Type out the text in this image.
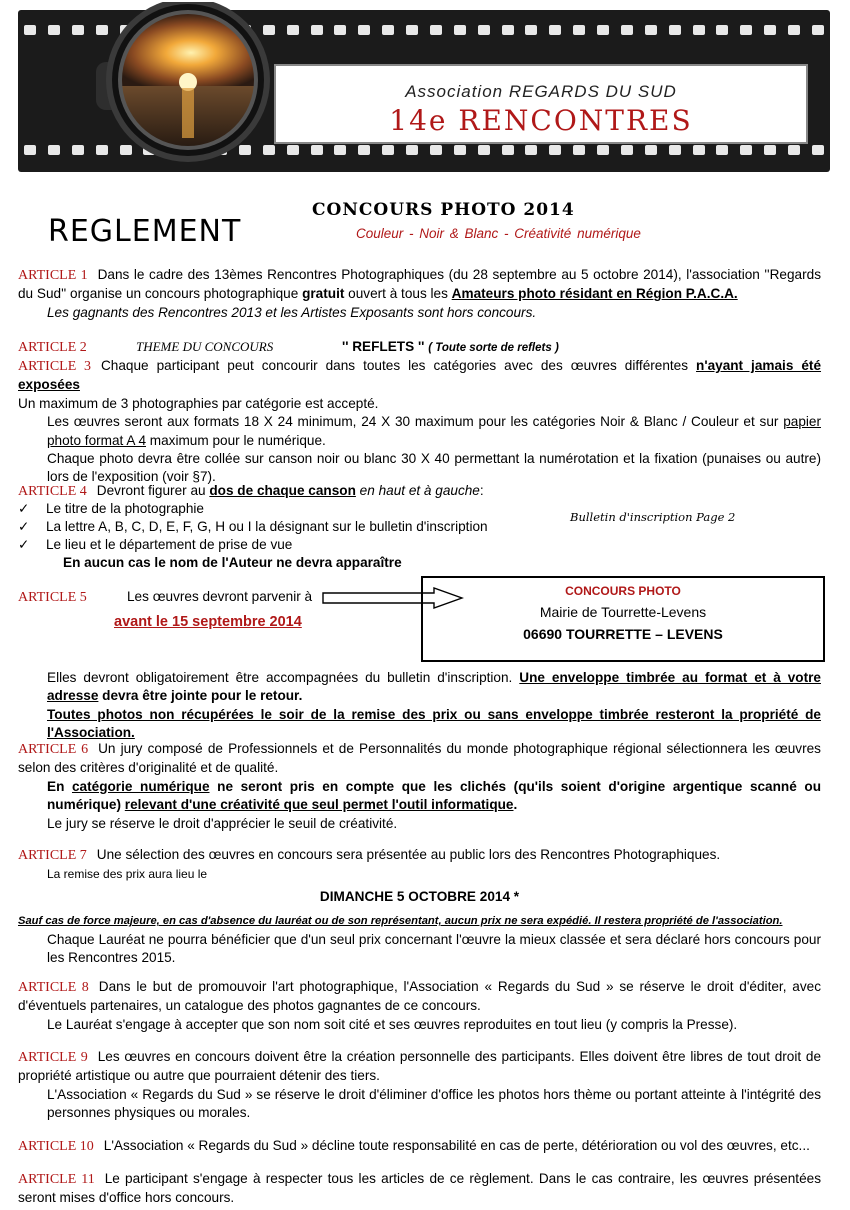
Association REGARDS DU SUD
14e RENCONTRES
REGLEMENT
CONCOURS PHOTO 2014
Couleur - Noir & Blanc - Créativité numérique
ARTICLE 1 Dans le cadre des 13èmes Rencontres Photographiques (du 28 septembre au 5 octobre 2014), l'association ''Regards du Sud'' organise un concours photographique gratuit ouvert à tous les Amateurs photo résidant en Région P.A.C.A.
Les gagnants des Rencontres 2013 et les Artistes Exposants sont hors concours.
ARTICLE 2	THEME DU CONCOURS	'' REFLETS '' ( Toute sorte de reflets )
ARTICLE 3 Chaque participant peut concourir dans toutes les catégories avec des œuvres différentes n'ayant jamais été exposées
Un maximum de 3 photographies par catégorie est accepté.
Les œuvres seront aux formats 18 X 24 minimum, 24 X 30 maximum pour les catégories Noir & Blanc / Couleur et sur papier photo format A 4 maximum pour le numérique.
Chaque photo devra être collée sur canson noir ou blanc 30 X 40 permettant la numérotation et la fixation (punaises ou autre) lors de l'exposition (voir §7).
ARTICLE 4 Devront figurer au dos de chaque canson en haut et à gauche:
✓ Le titre de la photographie
✓ La lettre A, B, C, D, E, F, G, H ou I la désignant sur le bulletin d'inscription
✓ Le lieu et le département de prise de vue
En aucun cas le nom de l'Auteur ne devra apparaître
Bulletin d'inscription Page 2
ARTICLE 5	Les œuvres devront parvenir à
avant le 15 septembre 2014
CONCOURS PHOTO
Mairie de Tourrette-Levens
06690 TOURRETTE – LEVENS
Elles devront obligatoirement être accompagnées du bulletin d'inscription. Une enveloppe timbrée au format et à votre adresse devra être jointe pour le retour.
Toutes photos non récupérées le soir de la remise des prix ou sans enveloppe timbrée resteront la propriété de l'Association.
ARTICLE 6 Un jury composé de Professionnels et de Personnalités du monde photographique régional sélectionnera les œuvres selon des critères d'originalité et de qualité.
En catégorie numérique ne seront pris en compte que les clichés (qu'ils soient d'origine argentique scanné ou numérique) relevant d'une créativité que seul permet l'outil informatique.
Le jury se réserve le droit d'apprécier le seuil de créativité.
ARTICLE 7 Une sélection des œuvres en concours sera présentée au public lors des Rencontres Photographiques.
La remise des prix aura lieu le
DIMANCHE 5 OCTOBRE 2014 *
Sauf cas de force majeure, en cas d'absence du lauréat ou de son représentant, aucun prix ne sera expédié. Il restera propriété de l'association.
Chaque Lauréat ne pourra bénéficier que d'un seul prix concernant l'œuvre la mieux classée et sera déclaré hors concours pour les Rencontres 2015.
ARTICLE 8 Dans le but de promouvoir l'art photographique, l'Association « Regards du Sud » se réserve le droit d'éditer, avec d'éventuels partenaires, un catalogue des photos gagnantes de ce concours.
Le Lauréat s'engage à accepter que son nom soit cité et ses œuvres reproduites en tout lieu (y compris la Presse).
ARTICLE 9 Les œuvres en concours doivent être la création personnelle des participants. Elles doivent être libres de tout droit de propriété artistique ou autre que pourraient détenir des tiers.
L'Association « Regards du Sud » se réserve le droit d'éliminer d'office les photos hors thème ou portant atteinte à l'intégrité des personnes physiques ou morales.
ARTICLE 10 L'Association « Regards du Sud » décline toute responsabilité en cas de perte, détérioration ou vol des œuvres, etc...
ARTICLE 11 Le participant s'engage à respecter tous les articles de ce règlement. Dans le cas contraire, les œuvres présentées seront mises d'office hors concours.
